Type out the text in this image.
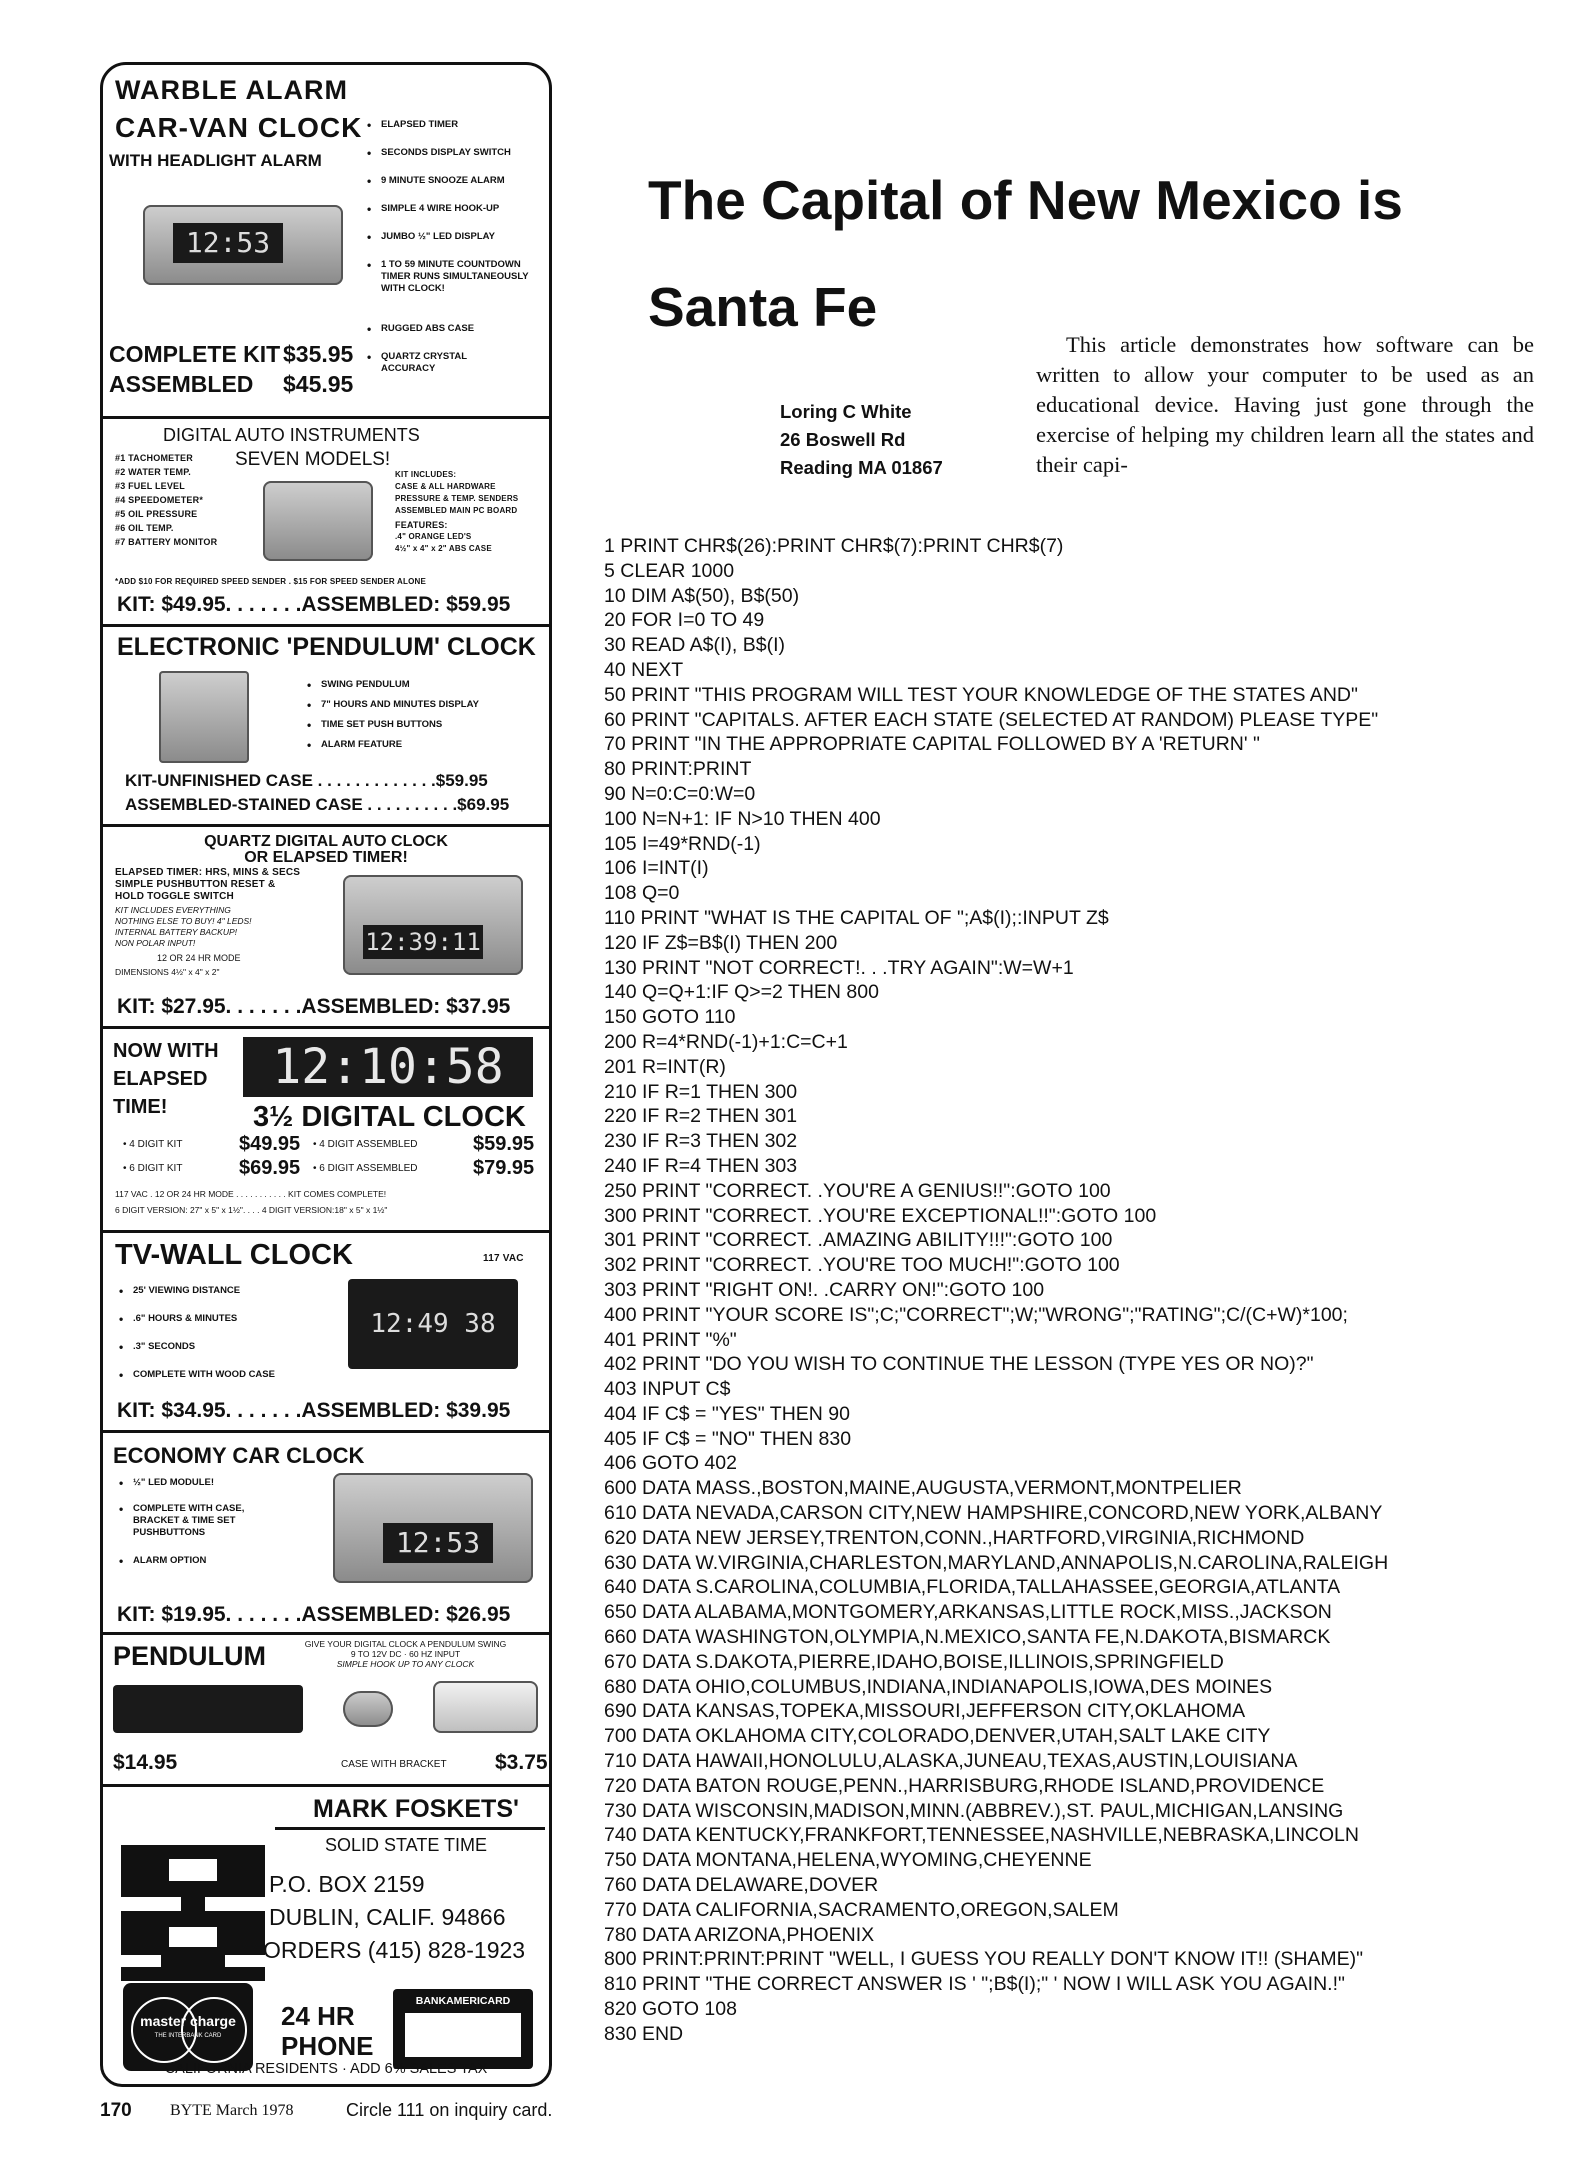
WARBLE ALARM
CAR-VAN CLOCK
WITH HEADLIGHT ALARM
12:53
• ELAPSED TIMER
• SECONDS DISPLAY SWITCH
• 9 MINUTE SNOOZE ALARM
• SIMPLE 4 WIRE HOOK-UP
• JUMBO ½" LED DISPLAY
• 1 TO 59 MINUTE COUNTDOWN TIMER RUNS SIMULTANEOUSLY WITH CLOCK!
• RUGGED ABS CASE
• QUARTZ CRYSTAL ACCURACY
COMPLETE KIT $35.95
ASSEMBLED $45.95
DIGITAL AUTO INSTRUMENTS
SEVEN MODELS!
#1 TACHOMETER
#2 WATER TEMP.
#3 FUEL LEVEL
#4 SPEEDOMETER*
#5 OIL PRESSURE
#6 OIL TEMP.
#7 BATTERY MONITOR
KIT INCLUDES:
CASE & ALL HARDWARE
PRESSURE & TEMP. SENDERS
ASSEMBLED MAIN PC BOARD
FEATURES:
.4" ORANGE LED'S
4½" x 4" x 2" ABS CASE
*ADD $10 FOR REQUIRED SPEED SENDER . $15 FOR SPEED SENDER ALONE
KIT: $49.95. . . . . . .ASSEMBLED: $59.95
ELECTRONIC 'PENDULUM' CLOCK
• SWING PENDULUM
• 7" HOURS AND MINUTES DISPLAY
• TIME SET PUSH BUTTONS
• ALARM FEATURE
KIT-UNFINISHED CASE . . . . . . . . . . . . .$59.95
ASSEMBLED-STAINED CASE . . . . . . . . . .$69.95
QUARTZ DIGITAL AUTO CLOCK
OR ELAPSED TIMER!
ELAPSED TIMER: HRS, MINS & SECS
SIMPLE PUSHBUTTON RESET &
HOLD TOGGLE SWITCH
KIT INCLUDES EVERYTHING
NOTHING ELSE TO BUY! 4" LEDS!
INTERNAL BATTERY BACKUP!
NON POLAR INPUT!
12 OR 24 HR MODE
DIMENSIONS 4½" x 4" x 2"
12:39:11
KIT: $27.95. . . . . . .ASSEMBLED: $37.95
NOW WITH
ELAPSED
TIME!
12:10:58
3½ DIGITAL CLOCK
• 4 DIGIT KIT	$49.95 • 4 DIGIT ASSEMBLED	$59.95
• 6 DIGIT KIT	$69.95 • 6 DIGIT ASSEMBLED	$79.95
117 VAC . 12 OR 24 HR MODE . . . . . . . . . . . KIT COMES COMPLETE!
6 DIGIT VERSION: 27" x 5" x 1½". . . . 4 DIGIT VERSION:18" x 5" x 1½"
TV-WALL CLOCK	117 VAC
• 25' VIEWING DISTANCE
• .6" HOURS & MINUTES
• .3" SECONDS
• COMPLETE WITH WOOD CASE
12:49 38
KIT: $34.95. . . . . . .ASSEMBLED: $39.95
ECONOMY CAR CLOCK
• ½" LED MODULE!
• COMPLETE WITH CASE, BRACKET & TIME SET PUSHBUTTONS
• ALARM OPTION
12:53
KIT: $19.95. . . . . . .ASSEMBLED: $26.95
PENDULUM	GIVE YOUR DIGITAL CLOCK A PENDULUM SWING
9 TO 12V DC · 60 HZ INPUT
SIMPLE HOOK UP TO ANY CLOCK
$14.95	CASE WITH BRACKET $3.75
MARK FOSKETS'
SOLID STATE TIME
P.O. BOX 2159
DUBLIN, CALIF. 94866
ORDERS (415) 828-1923
master charge
THE INTERBANK CARD
24 HR
PHONE
BANKAMERICARD
CALIFORNIA RESIDENTS · ADD 6% SALES TAX
The Capital of New Mexico is
Santa Fe
Loring C White
26 Boswell Rd
Reading MA 01867
This article demonstrates how software can be written to allow your computer to be used as an educational device. Having just gone through the exercise of helping my children learn all the states and their capi-
1 PRINT CHR$(26):PRINT CHR$(7):PRINT CHR$(7)
5 CLEAR 1000
10 DIM A$(50), B$(50)
20 FOR I=0 TO 49
30 READ A$(I), B$(I)
40 NEXT
50 PRINT "THIS PROGRAM WILL TEST YOUR KNOWLEDGE OF THE STATES AND"
60 PRINT "CAPITALS. AFTER EACH STATE (SELECTED AT RANDOM) PLEASE TYPE"
70 PRINT "IN THE APPROPRIATE CAPITAL FOLLOWED BY A 'RETURN' "
80 PRINT:PRINT
90 N=0:C=0:W=0
100 N=N+1: IF N>10 THEN 400
105 I=49*RND(-1)
106 I=INT(I)
108 Q=0
110 PRINT "WHAT IS THE CAPITAL OF ";A$(I);:INPUT Z$
120 IF Z$=B$(I) THEN 200
130 PRINT "NOT CORRECT!. . .TRY AGAIN":W=W+1
140 Q=Q+1:IF Q>=2 THEN 800
150 GOTO 110
200 R=4*RND(-1)+1:C=C+1
201 R=INT(R)
210 IF R=1 THEN 300
220 IF R=2 THEN 301
230 IF R=3 THEN 302
240 IF R=4 THEN 303
250 PRINT "CORRECT. .YOU'RE A GENIUS!!":GOTO 100
300 PRINT "CORRECT. .YOU'RE EXCEPTIONAL!!":GOTO 100
301 PRINT "CORRECT. .AMAZING ABILITY!!!":GOTO 100
302 PRINT "CORRECT. .YOU'RE TOO MUCH!":GOTO 100
303 PRINT "RIGHT ON!. .CARRY ON!":GOTO 100
400 PRINT "YOUR SCORE IS";C;"CORRECT";W;"WRONG";"RATING";C/(C+W)*100;
401 PRINT "%"
402 PRINT "DO YOU WISH TO CONTINUE THE LESSON (TYPE YES OR NO)?"
403 INPUT C$
404 IF C$ = "YES" THEN 90
405 IF C$ = "NO" THEN 830
406 GOTO 402
600 DATA MASS.,BOSTON,MAINE,AUGUSTA,VERMONT,MONTPELIER
610 DATA NEVADA,CARSON CITY,NEW HAMPSHIRE,CONCORD,NEW YORK,ALBANY
620 DATA NEW JERSEY,TRENTON,CONN.,HARTFORD,VIRGINIA,RICHMOND
630 DATA W.VIRGINIA,CHARLESTON,MARYLAND,ANNAPOLIS,N.CAROLINA,RALEIGH
640 DATA S.CAROLINA,COLUMBIA,FLORIDA,TALLAHASSEE,GEORGIA,ATLANTA
650 DATA ALABAMA,MONTGOMERY,ARKANSAS,LITTLE ROCK,MISS.,JACKSON
660 DATA WASHINGTON,OLYMPIA,N.MEXICO,SANTA FE,N.DAKOTA,BISMARCK
670 DATA S.DAKOTA,PIERRE,IDAHO,BOISE,ILLINOIS,SPRINGFIELD
680 DATA OHIO,COLUMBUS,INDIANA,INDIANAPOLIS,IOWA,DES MOINES
690 DATA KANSAS,TOPEKA,MISSOURI,JEFFERSON CITY,OKLAHOMA
700 DATA OKLAHOMA CITY,COLORADO,DENVER,UTAH,SALT LAKE CITY
710 DATA HAWAII,HONOLULU,ALASKA,JUNEAU,TEXAS,AUSTIN,LOUISIANA
720 DATA BATON ROUGE,PENN.,HARRISBURG,RHODE ISLAND,PROVIDENCE
730 DATA WISCONSIN,MADISON,MINN.(ABBREV.),ST. PAUL,MICHIGAN,LANSING
740 DATA KENTUCKY,FRANKFORT,TENNESSEE,NASHVILLE,NEBRASKA,LINCOLN
750 DATA MONTANA,HELENA,WYOMING,CHEYENNE
760 DATA DELAWARE,DOVER
770 DATA CALIFORNIA,SACRAMENTO,OREGON,SALEM
780 DATA ARIZONA,PHOENIX
800 PRINT:PRINT:PRINT "WELL, I GUESS YOU REALLY DON'T KNOW IT!! (SHAME)"
810 PRINT "THE CORRECT ANSWER IS ' ";B$(I);" ' NOW I WILL ASK YOU AGAIN.!"
820 GOTO 108
830 END
170 BYTE March 1978	Circle 111 on inquiry card.
